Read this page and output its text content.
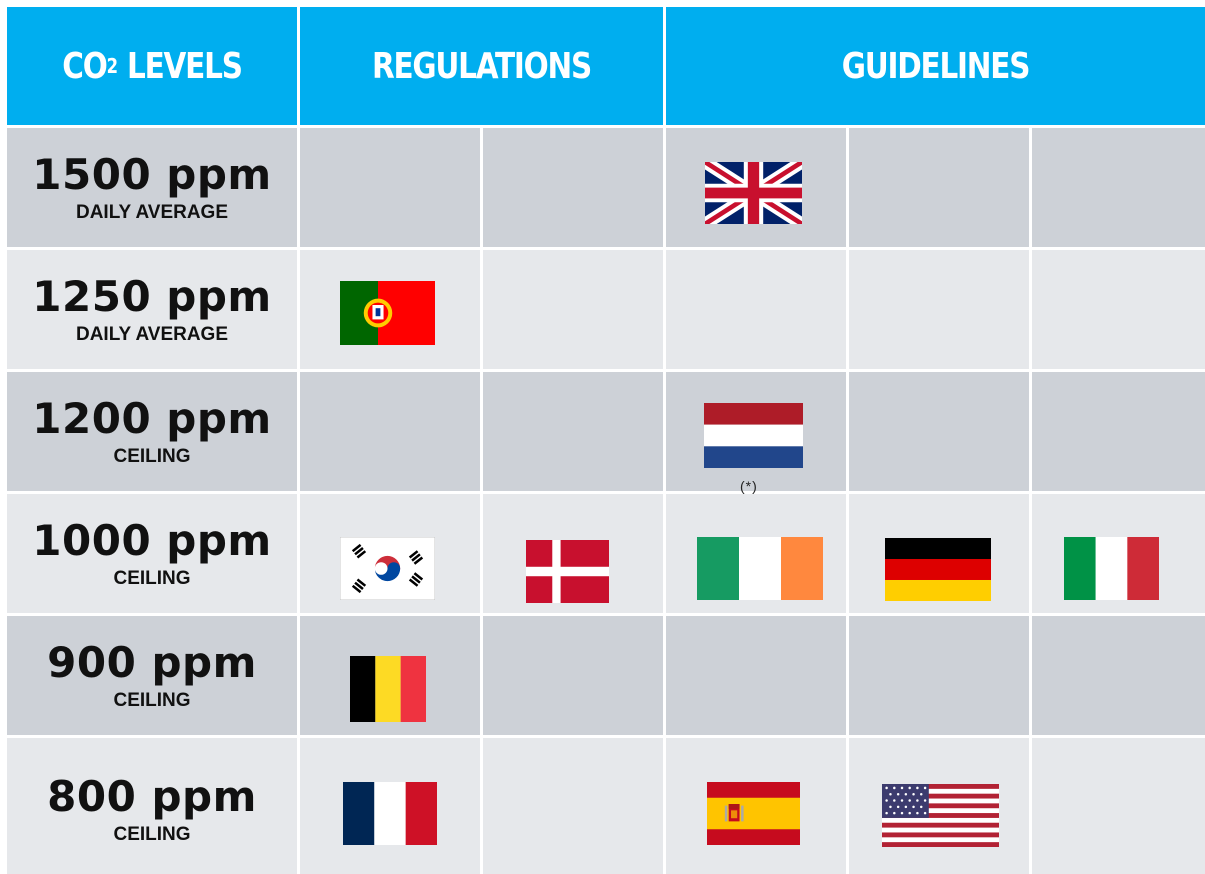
CO 2 LEVELS	REGULATIONS	GUIDELINES
1500 ppm
DAILY AVERAGE
1250 ppm
DAILY AVERAGE
1200 ppm
CEILING
1000 ppm
CEILING
900 ppm
CEILING
800 ppm
CEILING
(*)
